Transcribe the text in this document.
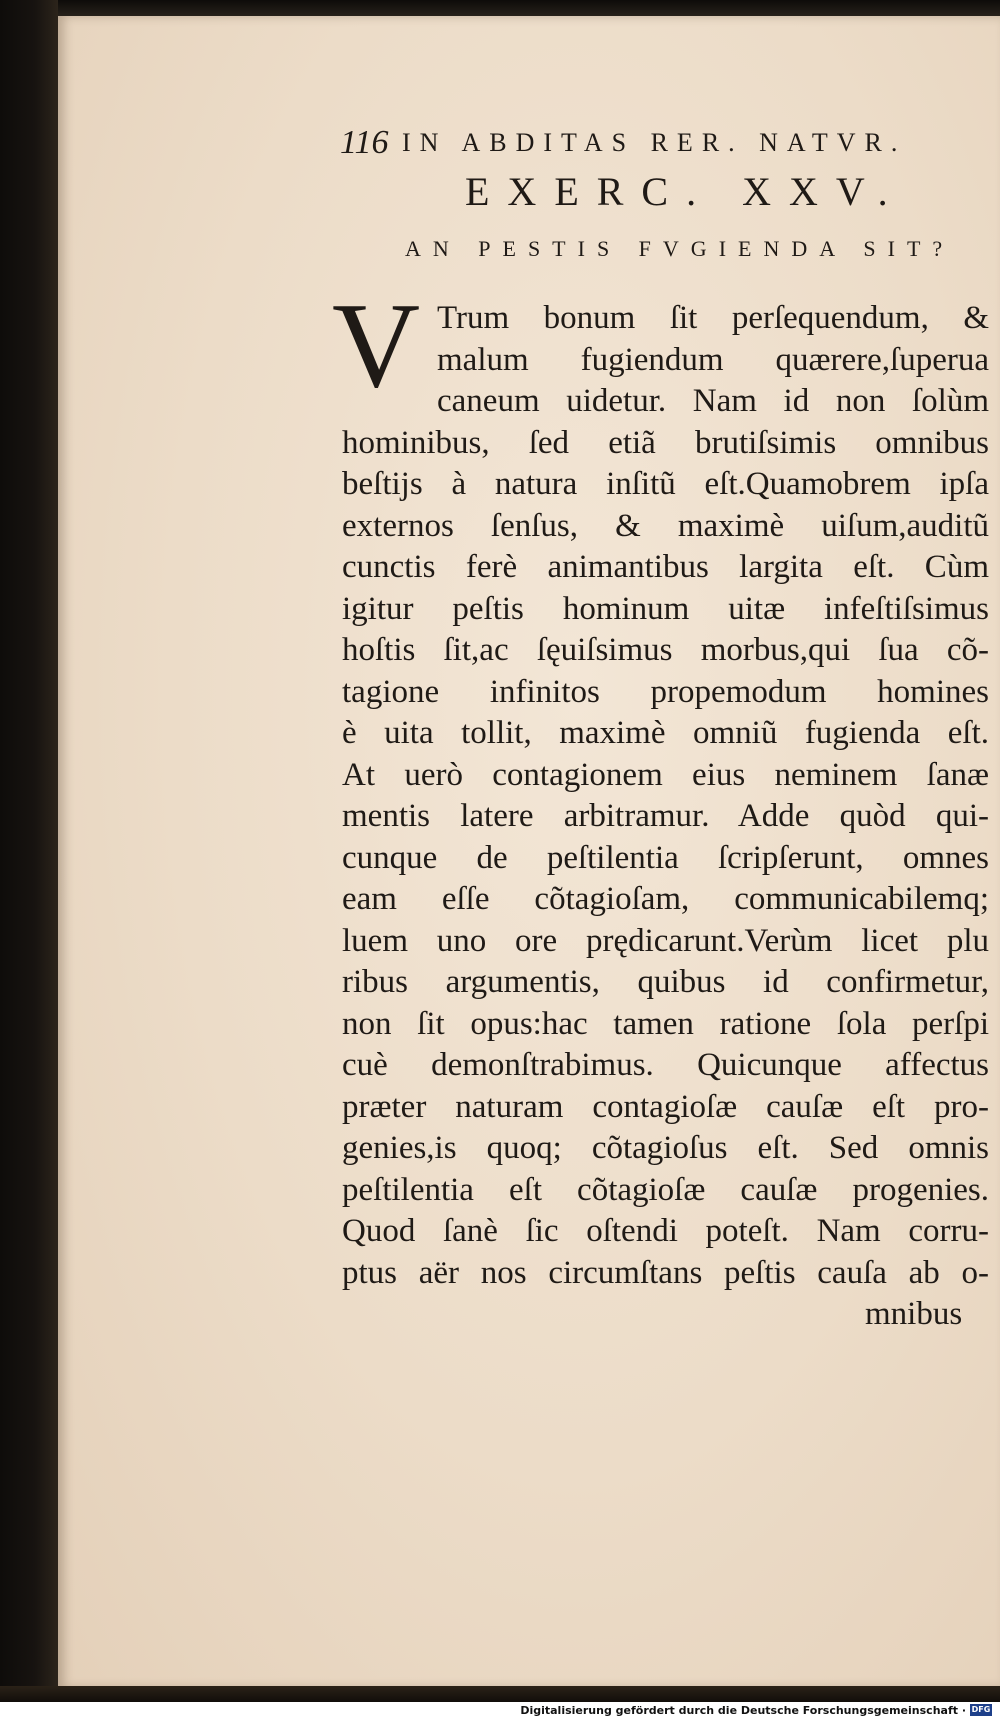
116 IN ABDITAS RER. NATVR.
EXERC. XXV.
AN PESTIS FVGIENDA SIT?
V Trum bonum ſit perſequendum, &
malum fugiendum quærere,ſuperua
caneum uidetur. Nam id non ſolùm
hominibus, ſed etiã brutiſsimis omnibus
beſtijs à natura inſitũ eſt.Quamobrem ipſa
externos ſenſus, & maximè uiſum,auditũ
cunctis ferè animantibus largita eſt. Cùm
igitur peſtis hominum uitæ infeſtiſsimus
hoſtis ſit,ac ſęuiſsimus morbus,qui ſua cõ-
tagione infinitos propemodum homines
è uita tollit, maximè omniũ fugienda eſt.
At uerò contagionem eius neminem ſanæ
mentis latere arbitramur. Adde quòd qui-
cunque de peſtilentia ſcripſerunt, omnes
eam eſſe cõtagioſam, communicabilemq;
luem uno ore prędicarunt.Verùm licet plu
ribus argumentis, quibus id confirmetur,
non ſit opus:hac tamen ratione ſola perſpi
cuè demonſtrabimus. Quicunque affectus
præter naturam contagioſæ cauſæ eſt pro-
genies,is quoq; cõtagioſus eſt. Sed omnis
peſtilentia eſt cõtagioſæ cauſæ progenies.
Quod ſanè ſic oſtendi poteſt. Nam corru-
ptus aër nos circumſtans peſtis cauſa ab o-
mnibus
Digitalisierung gefördert durch die Deutsche Forschungsgemeinschaft · DFG
